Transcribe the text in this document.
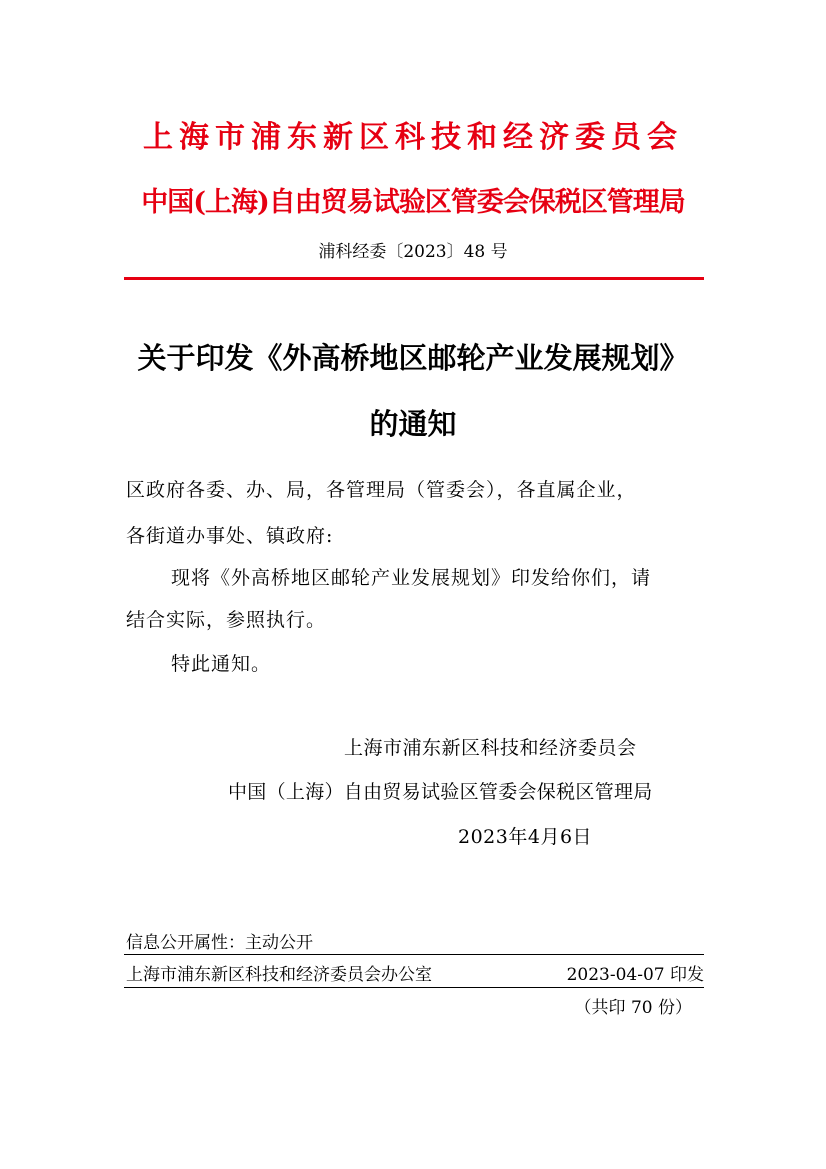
上海市浦东新区科技和经济委员会
中国(上海)自由贸易试验区管委会保税区管理局
浦科经委〔2023〕48 号
关于印发《外高桥地区邮轮产业发展规划》
的通知
区政府各委、办、局，各管理局（管委会），各直属企业，
各街道办事处、镇政府:
现将《外高桥地区邮轮产业发展规划》印发给你们，请
结合实际，参照执行。
特此通知。
上海市浦东新区科技和经济委员会
中国（上海）自由贸易试验区管委会保税区管理局
2023年4月6日
信息公开属性：主动公开
上海市浦东新区科技和经济委员会办公室	2023-04-07 印发
（共印 70 份）
